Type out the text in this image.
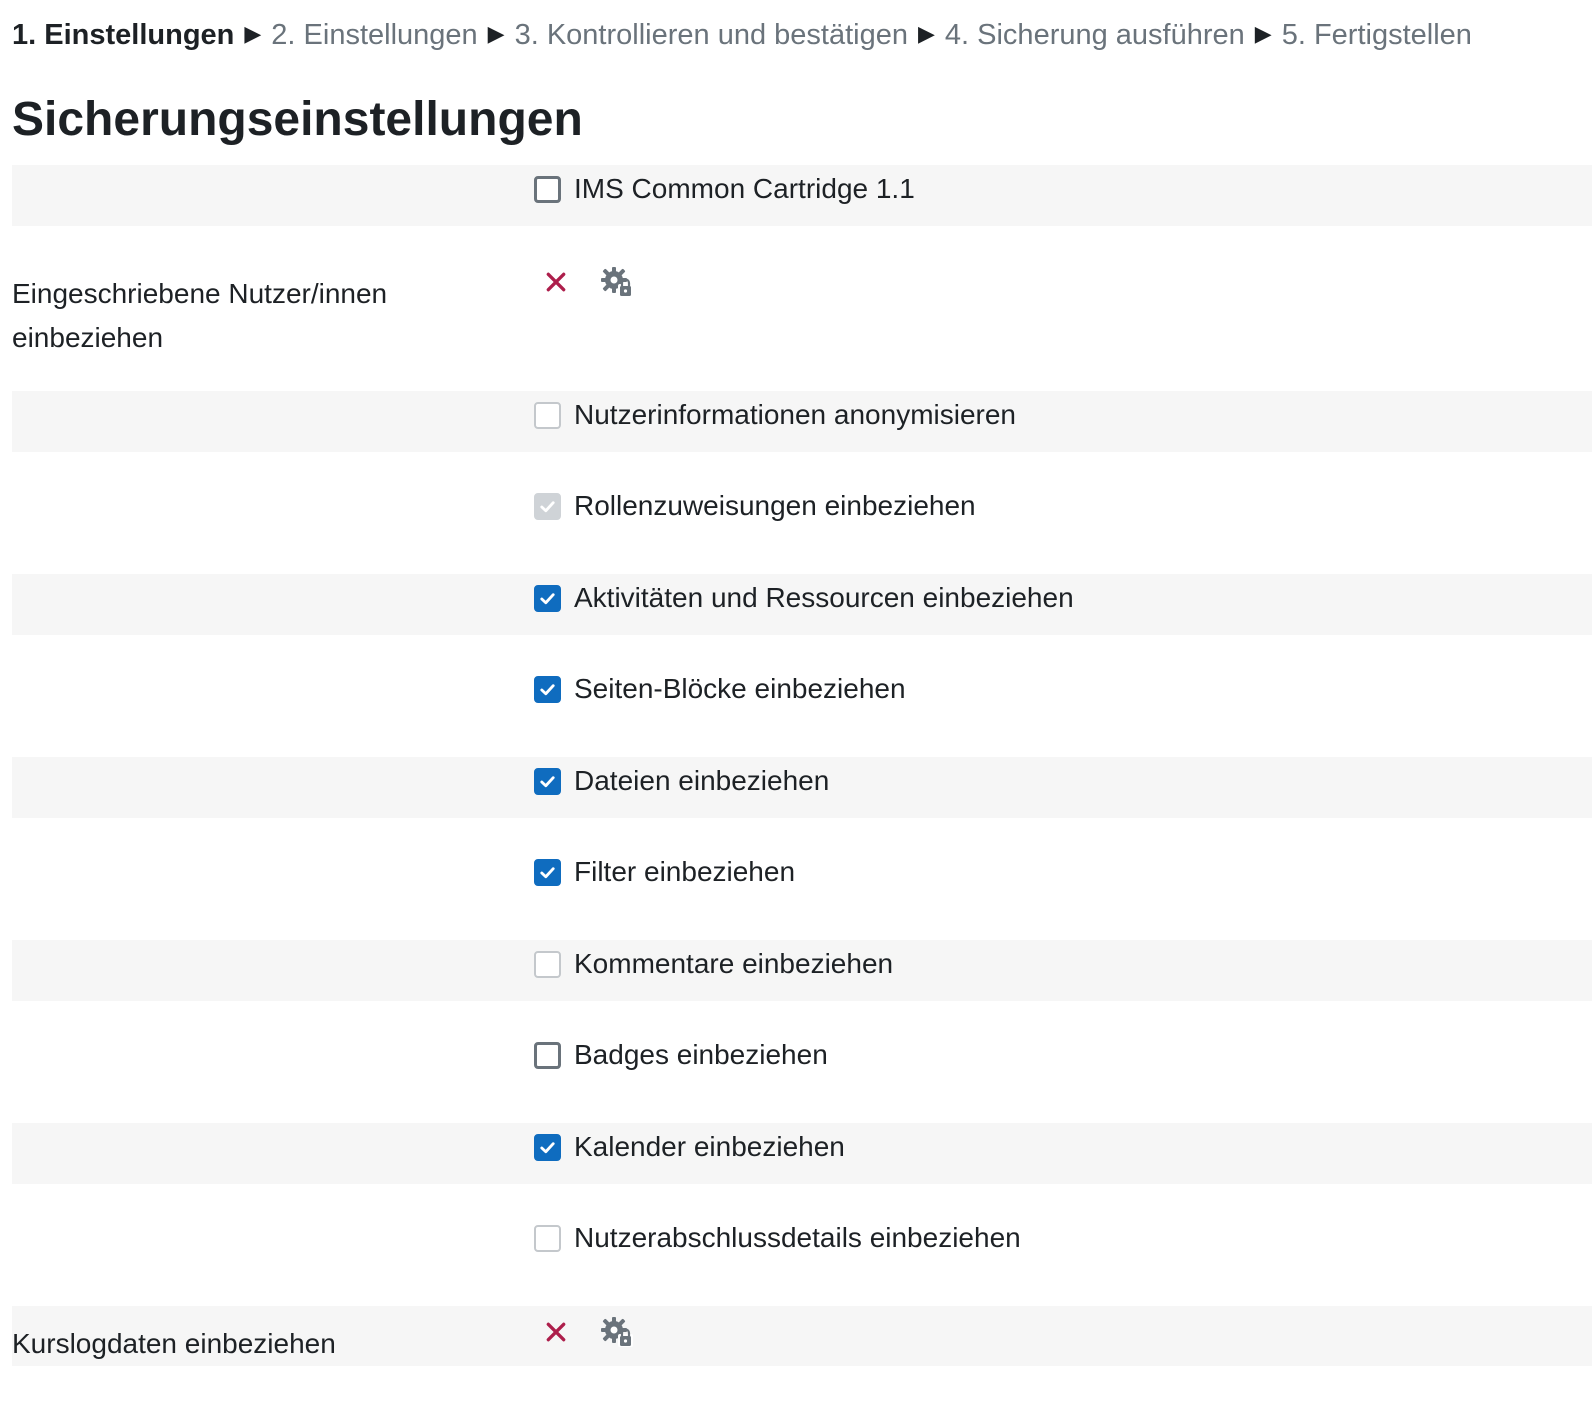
1. Einstellungen ▶ 2. Einstellungen ▶ 3. Kontrollieren und bestätigen ▶ 4. Sicherung ausführen ▶ 5. Fertigstellen
Sicherungseinstellungen
IMS Common Cartridge 1.1
Eingeschriebene Nutzer/innen einbeziehen
Nutzerinformationen anonymisieren
Rollenzuweisungen einbeziehen
Aktivitäten und Ressourcen einbeziehen
Seiten-Blöcke einbeziehen
Dateien einbeziehen
Filter einbeziehen
Kommentare einbeziehen
Badges einbeziehen
Kalender einbeziehen
Nutzerabschlussdetails einbeziehen
Kurslogdaten einbeziehen
